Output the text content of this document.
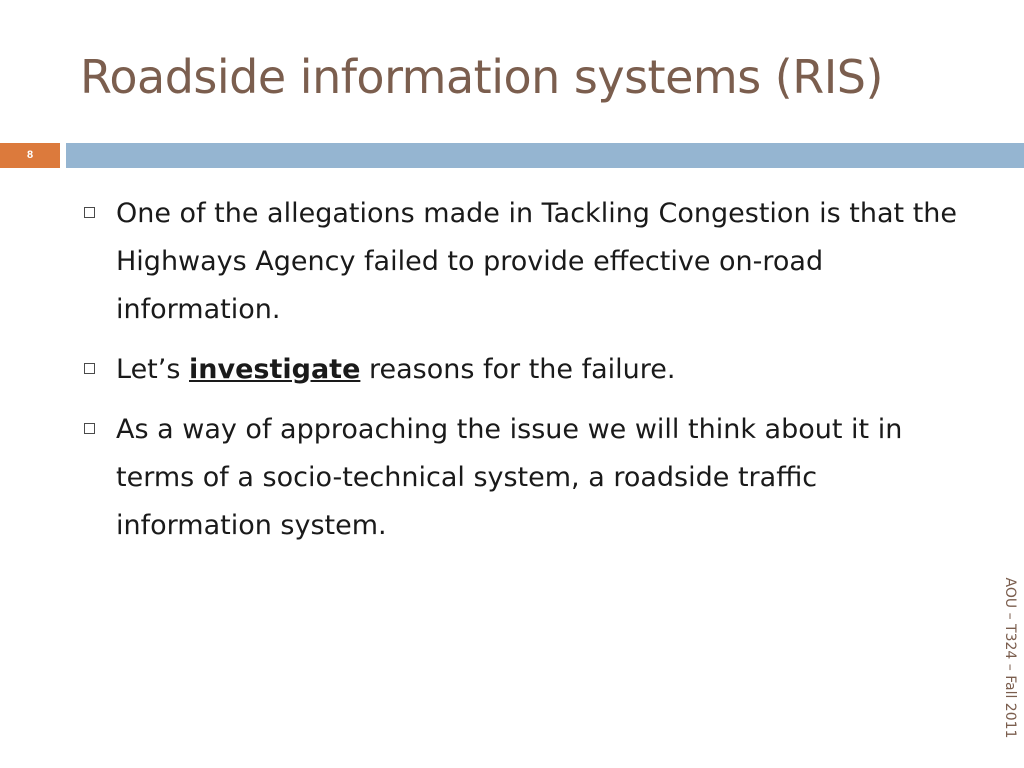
Roadside information systems (RIS)
8
One of the allegations made in Tackling Congestion is that the Highways Agency failed to provide effective on-road information.
Let’s investigate reasons for the failure.
As a way of approaching the issue we will think about it in terms of a socio-technical system, a roadside traffic information system.
AOU – T324 – Fall 2011
